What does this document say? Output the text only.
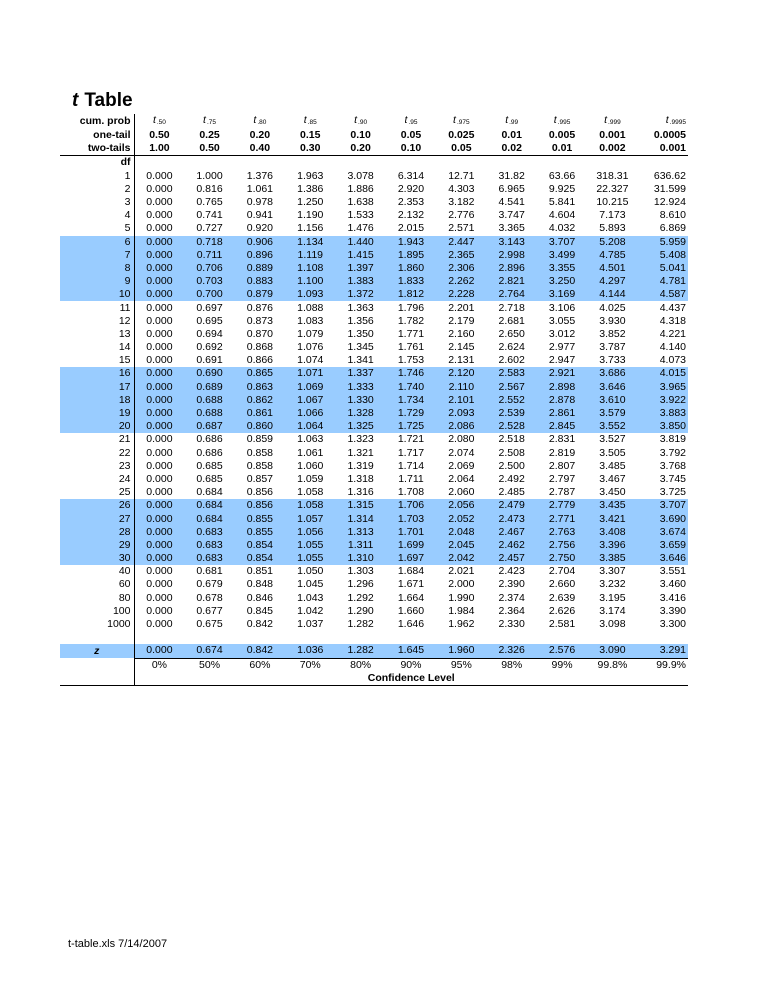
t Table
cum. prob	t.50	t.75	t.80	t.85	t.90	t.95	t.975	t.99	t.995	t.999	t.9995
one-tail	0.50	0.25	0.20	0.15	0.10	0.05	0.025	0.01	0.005	0.001	0.0005
two-tails	1.00	0.50	0.40	0.30	0.20	0.10	0.05	0.02	0.01	0.002	0.001
df											
1	0.000	1.000	1.376	1.963	3.078	6.314	12.71	31.82	63.66	318.31	636.62
2	0.000	0.816	1.061	1.386	1.886	2.920	4.303	6.965	9.925	22.327	31.599
3	0.000	0.765	0.978	1.250	1.638	2.353	3.182	4.541	5.841	10.215	12.924
4	0.000	0.741	0.941	1.190	1.533	2.132	2.776	3.747	4.604	7.173	8.610
5	0.000	0.727	0.920	1.156	1.476	2.015	2.571	3.365	4.032	5.893	6.869
6	0.000	0.718	0.906	1.134	1.440	1.943	2.447	3.143	3.707	5.208	5.959
7	0.000	0.711	0.896	1.119	1.415	1.895	2.365	2.998	3.499	4.785	5.408
8	0.000	0.706	0.889	1.108	1.397	1.860	2.306	2.896	3.355	4.501	5.041
9	0.000	0.703	0.883	1.100	1.383	1.833	2.262	2.821	3.250	4.297	4.781
10	0.000	0.700	0.879	1.093	1.372	1.812	2.228	2.764	3.169	4.144	4.587
11	0.000	0.697	0.876	1.088	1.363	1.796	2.201	2.718	3.106	4.025	4.437
12	0.000	0.695	0.873	1.083	1.356	1.782	2.179	2.681	3.055	3.930	4.318
13	0.000	0.694	0.870	1.079	1.350	1.771	2.160	2.650	3.012	3.852	4.221
14	0.000	0.692	0.868	1.076	1.345	1.761	2.145	2.624	2.977	3.787	4.140
15	0.000	0.691	0.866	1.074	1.341	1.753	2.131	2.602	2.947	3.733	4.073
16	0.000	0.690	0.865	1.071	1.337	1.746	2.120	2.583	2.921	3.686	4.015
17	0.000	0.689	0.863	1.069	1.333	1.740	2.110	2.567	2.898	3.646	3.965
18	0.000	0.688	0.862	1.067	1.330	1.734	2.101	2.552	2.878	3.610	3.922
19	0.000	0.688	0.861	1.066	1.328	1.729	2.093	2.539	2.861	3.579	3.883
20	0.000	0.687	0.860	1.064	1.325	1.725	2.086	2.528	2.845	3.552	3.850
21	0.000	0.686	0.859	1.063	1.323	1.721	2.080	2.518	2.831	3.527	3.819
22	0.000	0.686	0.858	1.061	1.321	1.717	2.074	2.508	2.819	3.505	3.792
23	0.000	0.685	0.858	1.060	1.319	1.714	2.069	2.500	2.807	3.485	3.768
24	0.000	0.685	0.857	1.059	1.318	1.711	2.064	2.492	2.797	3.467	3.745
25	0.000	0.684	0.856	1.058	1.316	1.708	2.060	2.485	2.787	3.450	3.725
26	0.000	0.684	0.856	1.058	1.315	1.706	2.056	2.479	2.779	3.435	3.707
27	0.000	0.684	0.855	1.057	1.314	1.703	2.052	2.473	2.771	3.421	3.690
28	0.000	0.683	0.855	1.056	1.313	1.701	2.048	2.467	2.763	3.408	3.674
29	0.000	0.683	0.854	1.055	1.311	1.699	2.045	2.462	2.756	3.396	3.659
30	0.000	0.683	0.854	1.055	1.310	1.697	2.042	2.457	2.750	3.385	3.646
40	0.000	0.681	0.851	1.050	1.303	1.684	2.021	2.423	2.704	3.307	3.551
60	0.000	0.679	0.848	1.045	1.296	1.671	2.000	2.390	2.660	3.232	3.460
80	0.000	0.678	0.846	1.043	1.292	1.664	1.990	2.374	2.639	3.195	3.416
100	0.000	0.677	0.845	1.042	1.290	1.660	1.984	2.364	2.626	3.174	3.390
1000	0.000	0.675	0.842	1.037	1.282	1.646	1.962	2.330	2.581	3.098	3.300

z	0.000	0.674	0.842	1.036	1.282	1.645	1.960	2.326	2.576	3.090	3.291
	0%	50%	60%	70%	80%	90%	95%	98%	99%	99.8%	99.9%
	Confidence Level										
t-table.xls 7/14/2007
